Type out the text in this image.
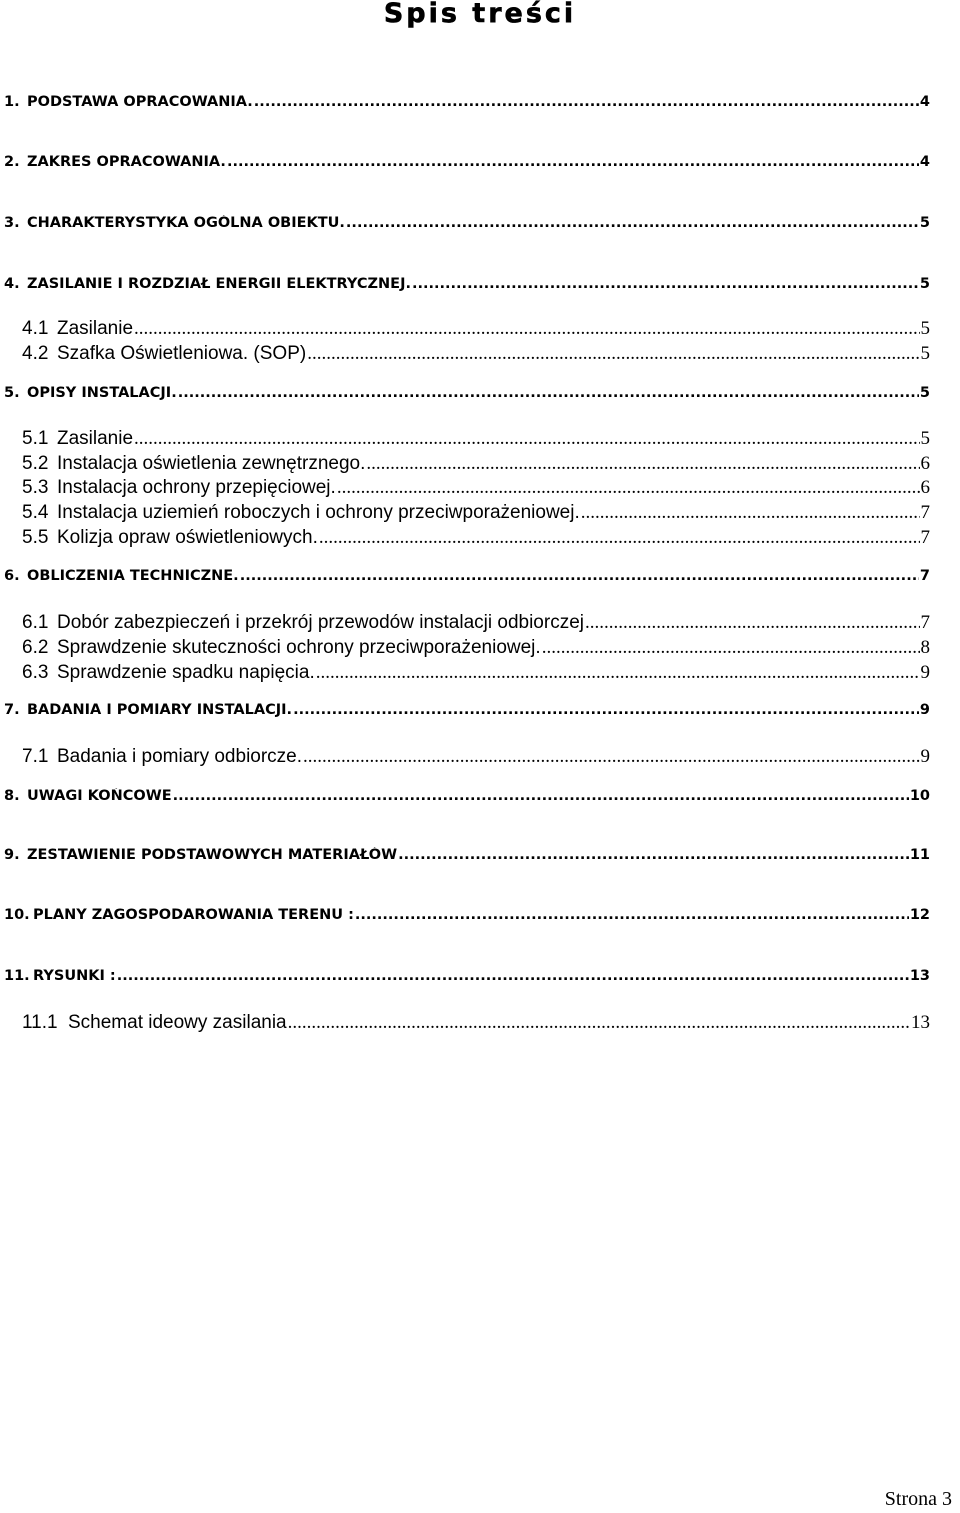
Spis treści
1. PODSTAWA OPRACOWANIA. .....	4
2. ZAKRES OPRACOWANIA. .....	4
3. CHARAKTERYSTYKA OGÓLNA OBIEKTU. .....	5
4. ZASILANIE I ROZDZIAŁ ENERGII ELEKTRYCZNEJ. .....	5
4.1 Zasilanie .....	5
4.2 Szafka Oświetleniowa. (SOP) .....	5
5. OPISY INSTALACJI. .....	5
5.1 Zasilanie .....	5
5.2 Instalacja oświetlenia zewnętrznego. .....	6
5.3 Instalacja ochrony przepięciowej. .....	6
5.4 Instalacja uziemień roboczych i ochrony przeciwporażeniowej. .....	7
5.5 Kolizja opraw oświetleniowych. .....	7
6. OBLICZENIA TECHNICZNE. .....	7
6.1 Dobór zabezpieczeń i przekrój przewodów instalacji odbiorczej .....	7
6.2 Sprawdzenie skuteczności ochrony przeciwporażeniowej. .....	8
6.3 Sprawdzenie spadku napięcia. .....	9
7. BADANIA I POMIARY INSTALACJI. .....	9
7.1 Badania i pomiary odbiorcze. .....	9
8. UWAGI KOŃCOWE .....	10
9. ZESTAWIENIE PODSTAWOWYCH MATERIAŁÓW .....	11
10. PLANY ZAGOSPODAROWANIA TERENU : .....	12
11. RYSUNKI : .....	13
11.1 Schemat ideowy zasilania .....	13
Strona 3
